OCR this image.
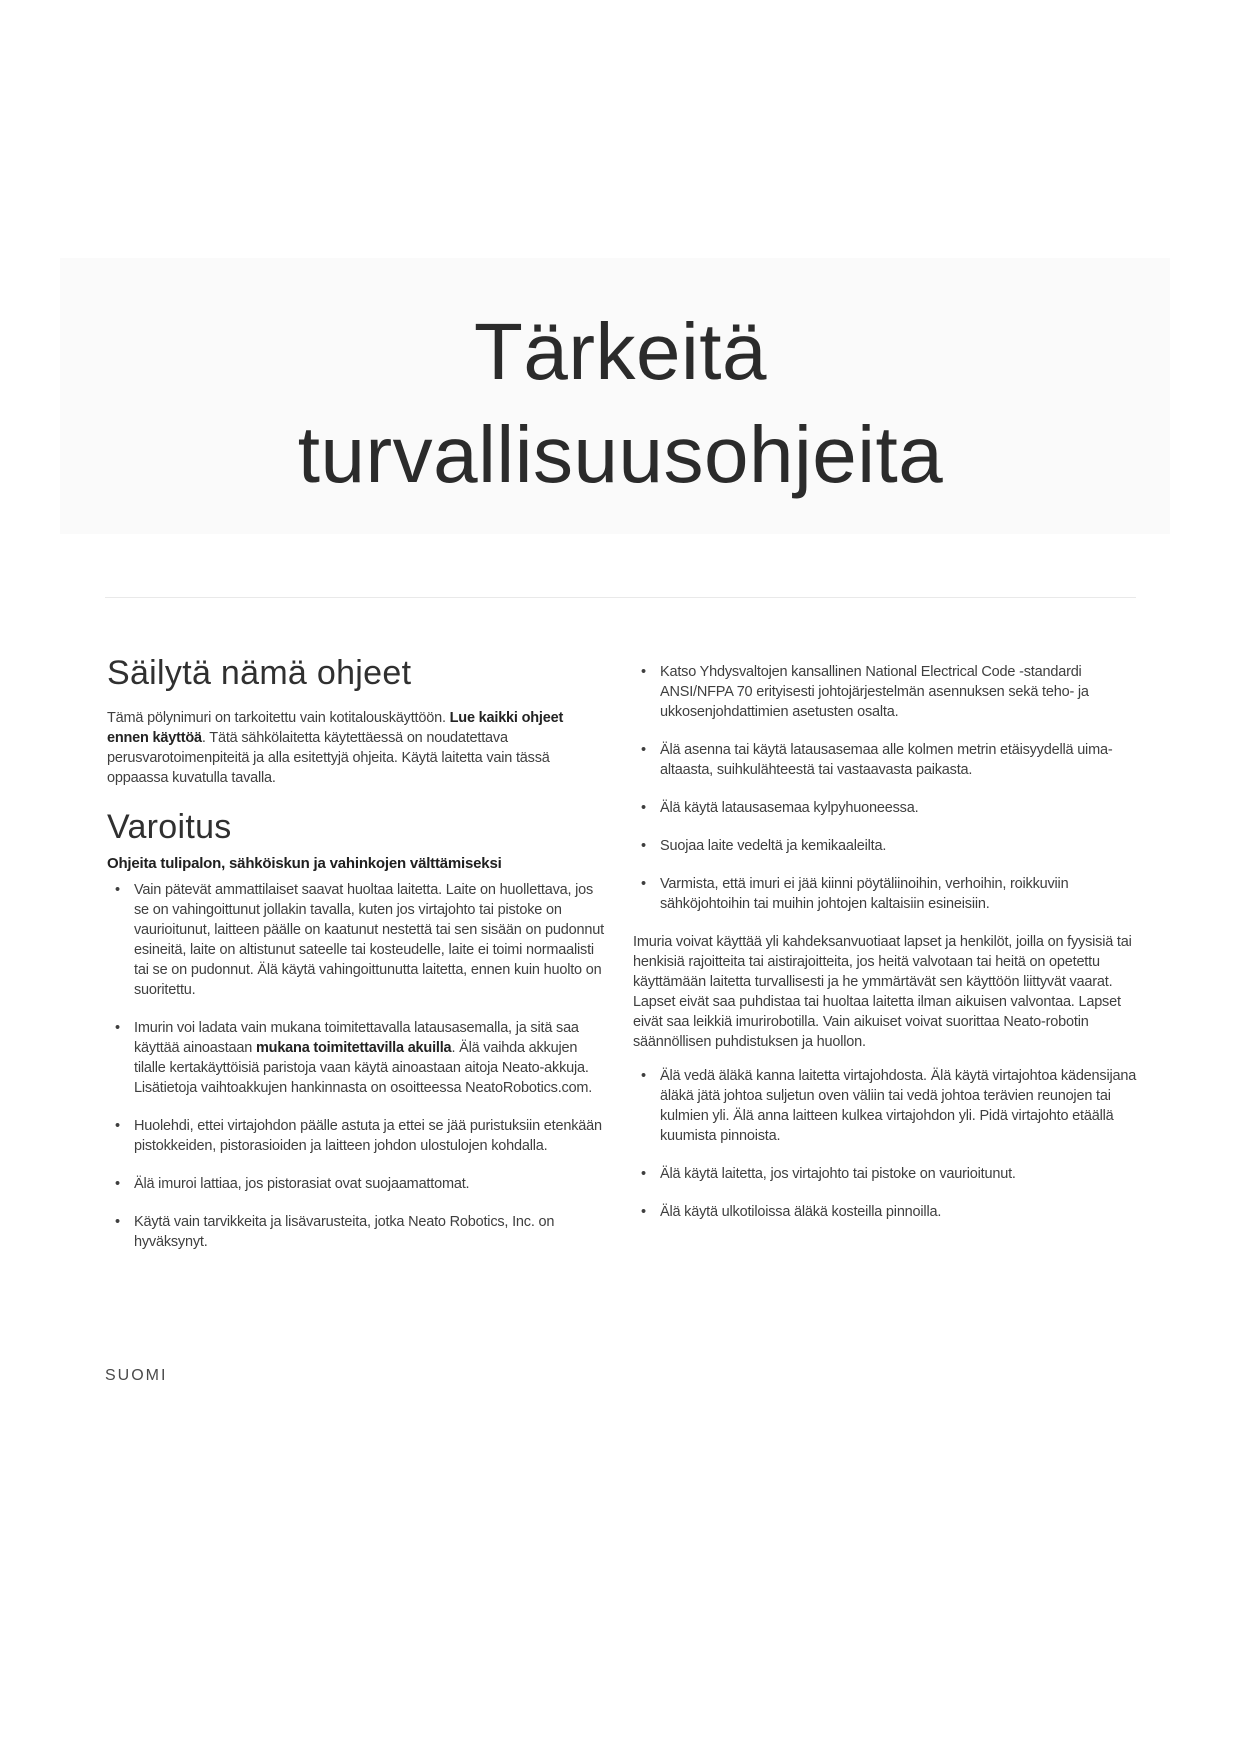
Tärkeitä
turvallisuusohjeita
Säilytä nämä ohjeet

Tämä pölynimuri on tarkoitettu vain kotitalouskäyttöön. Lue kaikki ohjeet ennen käyttöä. Tätä sähkölaitetta käytettäessä on noudatettava perusvarotoimenpiteitä ja alla esitettyjä ohjeita. Käytä laitetta vain tässä oppaassa kuvatulla tavalla.

Varoitus

Ohjeita tulipalon, sähköiskun ja vahinkojen välttämiseksi

• Vain pätevät ammattilaiset saavat huoltaa laitetta. Laite on huollettava, jos se on vahingoittunut jollakin tavalla, kuten jos virtajohto tai pistoke on vaurioitunut, laitteen päälle on kaatunut nestettä tai sen sisään on pudonnut esineitä, laite on altistunut sateelle tai kosteudelle, laite ei toimi normaalisti tai se on pudonnut. Älä käytä vahingoittunutta laitetta, ennen kuin huolto on suoritettu.
• Imurin voi ladata vain mukana toimitettavalla latausasemalla, ja sitä saa käyttää ainoastaan mukana toimitettavilla akuilla. Älä vaihda akkujen tilalle kertakäyttöisiä paristoja vaan käytä ainoastaan aitoja Neato-akkuja. Lisätietoja vaihtoakkujen hankinnasta on osoitteessa NeatoRobotics.com.
• Huolehdi, ettei virtajohdon päälle astuta ja ettei se jää puristuksiin etenkään pistokkeiden, pistorasioiden ja laitteen johdon ulostulojen kohdalla.
• Älä imuroi lattiaa, jos pistorasiat ovat suojaamattomat.
• Käytä vain tarvikkeita ja lisävarusteita, jotka Neato Robotics, Inc. on hyväksynyt.
• Katso Yhdysvaltojen kansallinen National Electrical Code -standardi ANSI/NFPA 70 erityisesti johtojärjestelmän asennuksen sekä teho- ja ukkosenjohdattimien asetusten osalta.
• Älä asenna tai käytä latausasemaa alle kolmen metrin etäisyydellä uima-altaasta, suihkulähteestä tai vastaavasta paikasta.
• Älä käytä latausasemaa kylpyhuoneessa.
• Suojaa laite vedeltä ja kemikaaleilta.
• Varmista, että imuri ei jää kiinni pöytäliinoihin, verhoihin, roikkuviin sähköjohtoihin tai muihin johtojen kaltaisiin esineisiin.

Imuria voivat käyttää yli kahdeksanvuotiaat lapset ja henkilöt, joilla on fyysisiä tai henkisiä rajoitteita tai aistirajoitteita, jos heitä valvotaan tai heitä on opetettu käyttämään laitetta turvallisesti ja he ymmärtävät sen käyttöön liittyvät vaarat. Lapset eivät saa puhdistaa tai huoltaa laitetta ilman aikuisen valvontaa. Lapset eivät saa leikkiä imurirobotilla. Vain aikuiset voivat suorittaa Neato-robotin säännöllisen puhdistuksen ja huollon.

• Älä vedä äläkä kanna laitetta virtajohdosta. Älä käytä virtajohtoa kädensijana äläkä jätä johtoa suljetun oven väliin tai vedä johtoa terävien reunojen tai kulmien yli. Älä anna laitteen kulkea virtajohdon yli. Pidä virtajohto etäällä kuumista pinnoista.
• Älä käytä laitetta, jos virtajohto tai pistoke on vaurioitunut.
• Älä käytä ulkotiloissa äläkä kosteilla pinnoilla.
SUOMI
